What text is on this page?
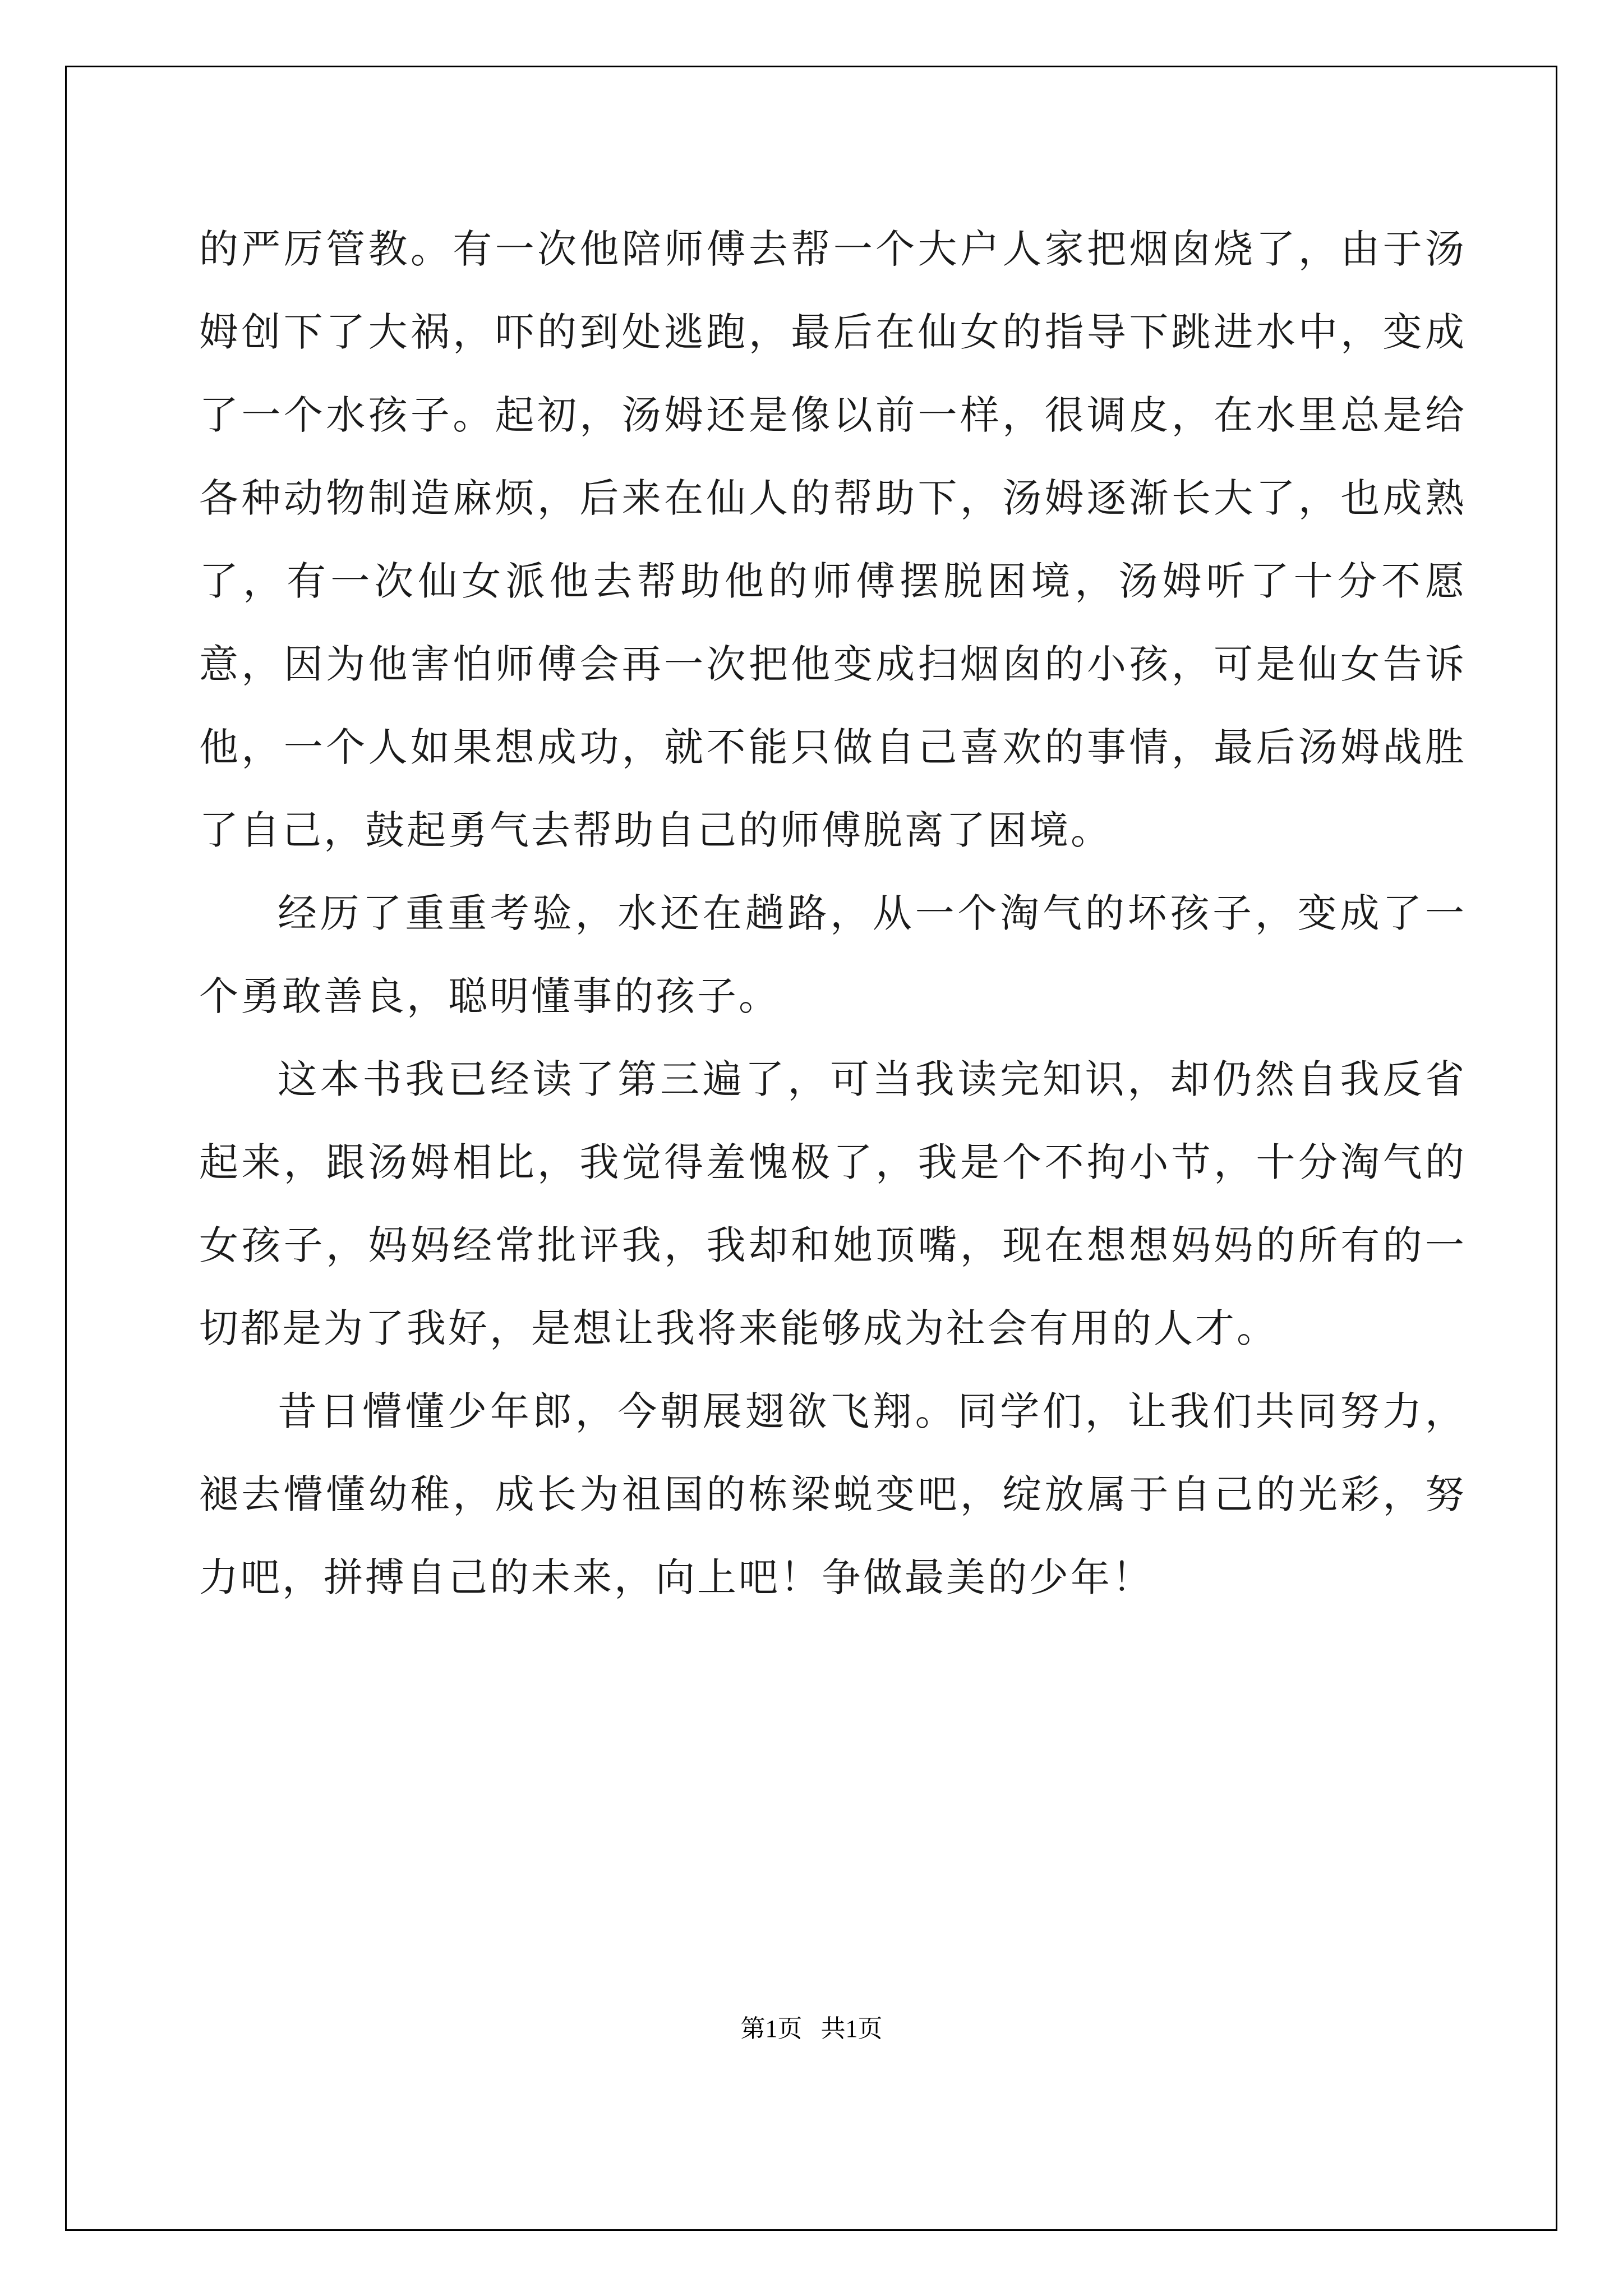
的严厉管教。有一次他陪师傅去帮一个大户人家把烟囱烧了，由于汤姆创下了大祸，吓的到处逃跑，最后在仙女的指导下跳进水中，变成了一个水孩子。起初，汤姆还是像以前一样，很调皮，在水里总是给各种动物制造麻烦，后来在仙人的帮助下，汤姆逐渐长大了，也成熟了，有一次仙女派他去帮助他的师傅摆脱困境，汤姆听了十分不愿意，因为他害怕师傅会再一次把他变成扫烟囱的小孩，可是仙女告诉他，一个人如果想成功，就不能只做自己喜欢的事情，最后汤姆战胜了自己，鼓起勇气去帮助自己的师傅脱离了困境。

经历了重重考验，水还在趟路，从一个淘气的坏孩子，变成了一个勇敢善良，聪明懂事的孩子。

这本书我已经读了第三遍了，可当我读完知识，却仍然自我反省起来，跟汤姆相比，我觉得羞愧极了，我是个不拘小节，十分淘气的女孩子，妈妈经常批评我，我却和她顶嘴，现在想想妈妈的所有的一切都是为了我好，是想让我将来能够成为社会有用的人才。

昔日懵懂少年郎，今朝展翅欲飞翔。同学们，让我们共同努力，褪去懵懂幼稚，成长为祖国的栋梁蜕变吧，绽放属于自己的光彩，努力吧，拼搏自己的未来，向上吧！争做最美的少年！

第1页   共1页
